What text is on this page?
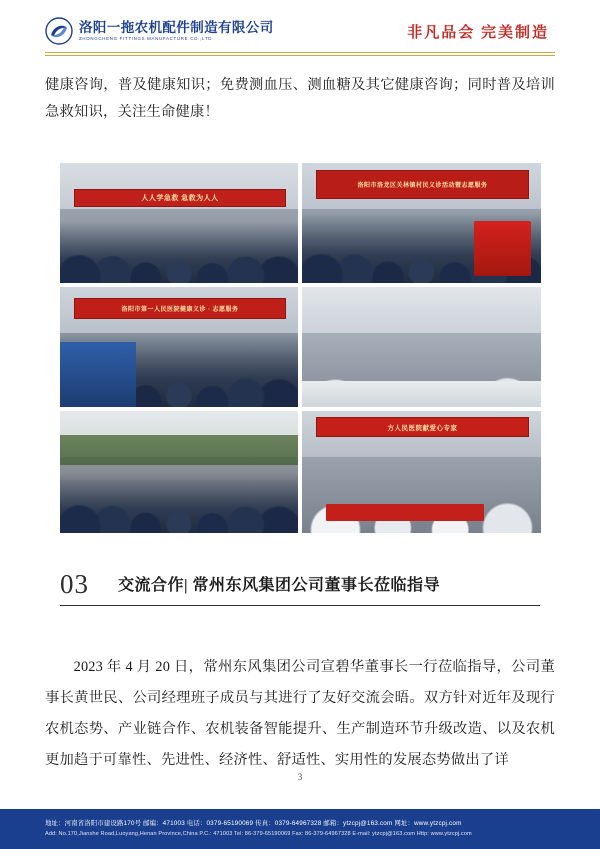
洛阳一拖农机配件制造有限公司
ZHONGCHENG FITTINGS MANUFACTURE CO.,LTD	非凡品会 完美制造
健康咨询，普及健康知识；免费测血压、测血糖及其它健康咨询；同时普及培训急救知识，关注生命健康！
人人学急救 急救为人人
洛阳市洛龙区关林镇村民义诊活动暨志愿服务
洛阳市第一人民医院健康义诊 · 志愿服务
方人民医院献爱心专家
03 交流合作| 常州东风集团公司董事长莅临指导
2023 年 4 月 20 日，常州东风集团公司宣碧华董事长一行莅临指导，公司董事长黄世民、公司经理班子成员与其进行了友好交流会晤。双方针对近年及现行农机态势、产业链合作、农机装备智能提升、生产制造环节升级改造、以及农机更加趋于可靠性、先进性、经济性、舒适性、实用性的发展态势做出了详
3
地址：河南省洛阳市建设路170号 邮编：471003 电话：0379-65190069 传真：0379-64967328 邮箱：ytzcpj@163.com 网址：www.ytzcpj.com
Add: No.170,Jianshe Road,Luoyang,Henan Province,China P.C.: 471003 Tel: 86-379-65190069 Fax: 86-379-64967328 E-mail: ytzcpj@163.com Http: www.ytzcpj.com
